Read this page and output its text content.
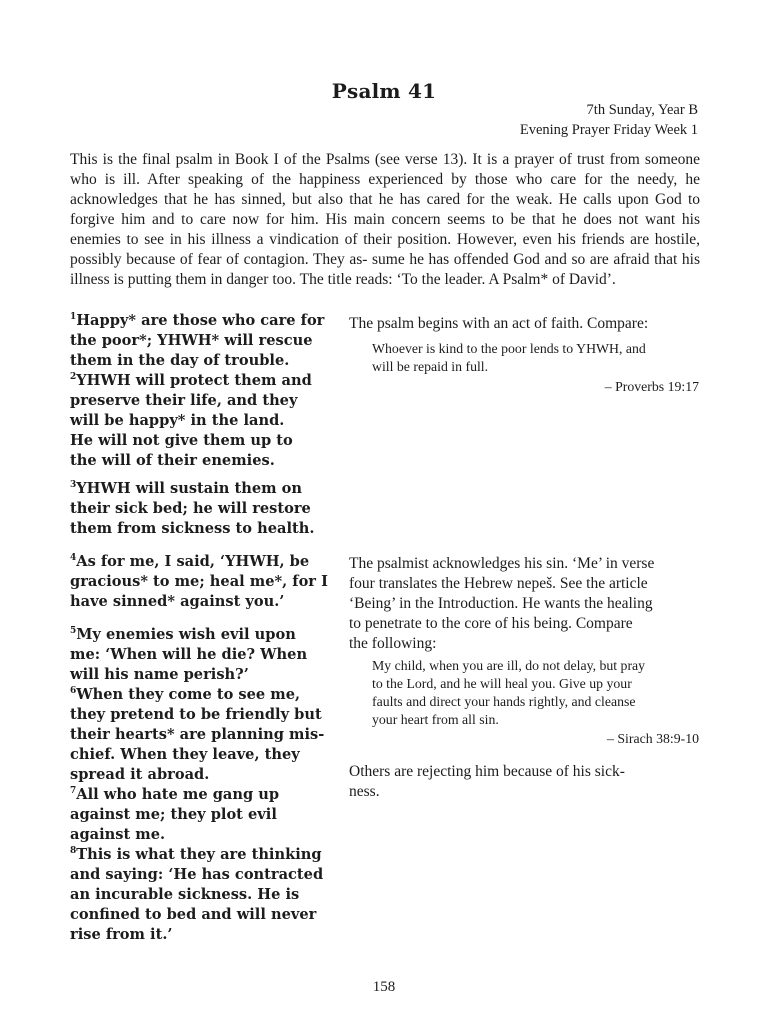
Psalm 41
7th Sunday, Year B
Evening Prayer Friday Week 1
This is the final psalm in Book I of the Psalms (see verse 13). It is a prayer of trust from someone who is ill. After speaking of the happiness experienced by those who care for the needy, he acknowledges that he has sinned, but also that he has cared for the weak. He calls upon God to forgive him and to care now for him. His main concern seems to be that he does not want his enemies to see in his illness a vindication of their position. However, even his friends are hostile, possibly because of fear of contagion. They as- sume he has offended God and so are afraid that his illness is putting them in danger too. The title reads: ‘To the leader. A Psalm* of David’.
$^1$Happy* are those who care for
the poor*; YHWH* will rescue
them in the day of trouble.
$^2$YHWH will protect them and
preserve their life, and they
will be happy* in the land.
He will not give them up to
the will of their enemies.
$^3$YHWH will sustain them on
their sick bed; he will restore
them from sickness to health.
$^4$As for me, I said, ‘YHWH, be
gracious* to me; heal me*, for I
have sinned* against you.’
$^5$My enemies wish evil upon
me: ‘When will he die? When
will his name perish?’
$^6$When they come to see me,
they pretend to be friendly but
their hearts* are planning mis-
chief. When they leave, they
spread it abroad.
$^7$All who hate me gang up
against me; they plot evil
against me.
$^8$This is what they are thinking
and saying: ‘He has contracted
an incurable sickness. He is
confined to bed and will never
rise from it.’
The psalm begins with an act of faith. Compare:
Whoever is kind to the poor lends to YHWH, and
will be repaid in full.
– Proverbs 19:17
The psalmist acknowledges his sin. ‘Me’ in verse
four translates the Hebrew nepeš. See the article
‘Being’ in the Introduction. He wants the healing
to penetrate to the core of his being. Compare
the following:
My child, when you are ill, do not delay, but pray
to the Lord, and he will heal you. Give up your
faults and direct your hands rightly, and cleanse
your heart from all sin.
– Sirach 38:9-10
Others are rejecting him because of his sick-
ness.
158
